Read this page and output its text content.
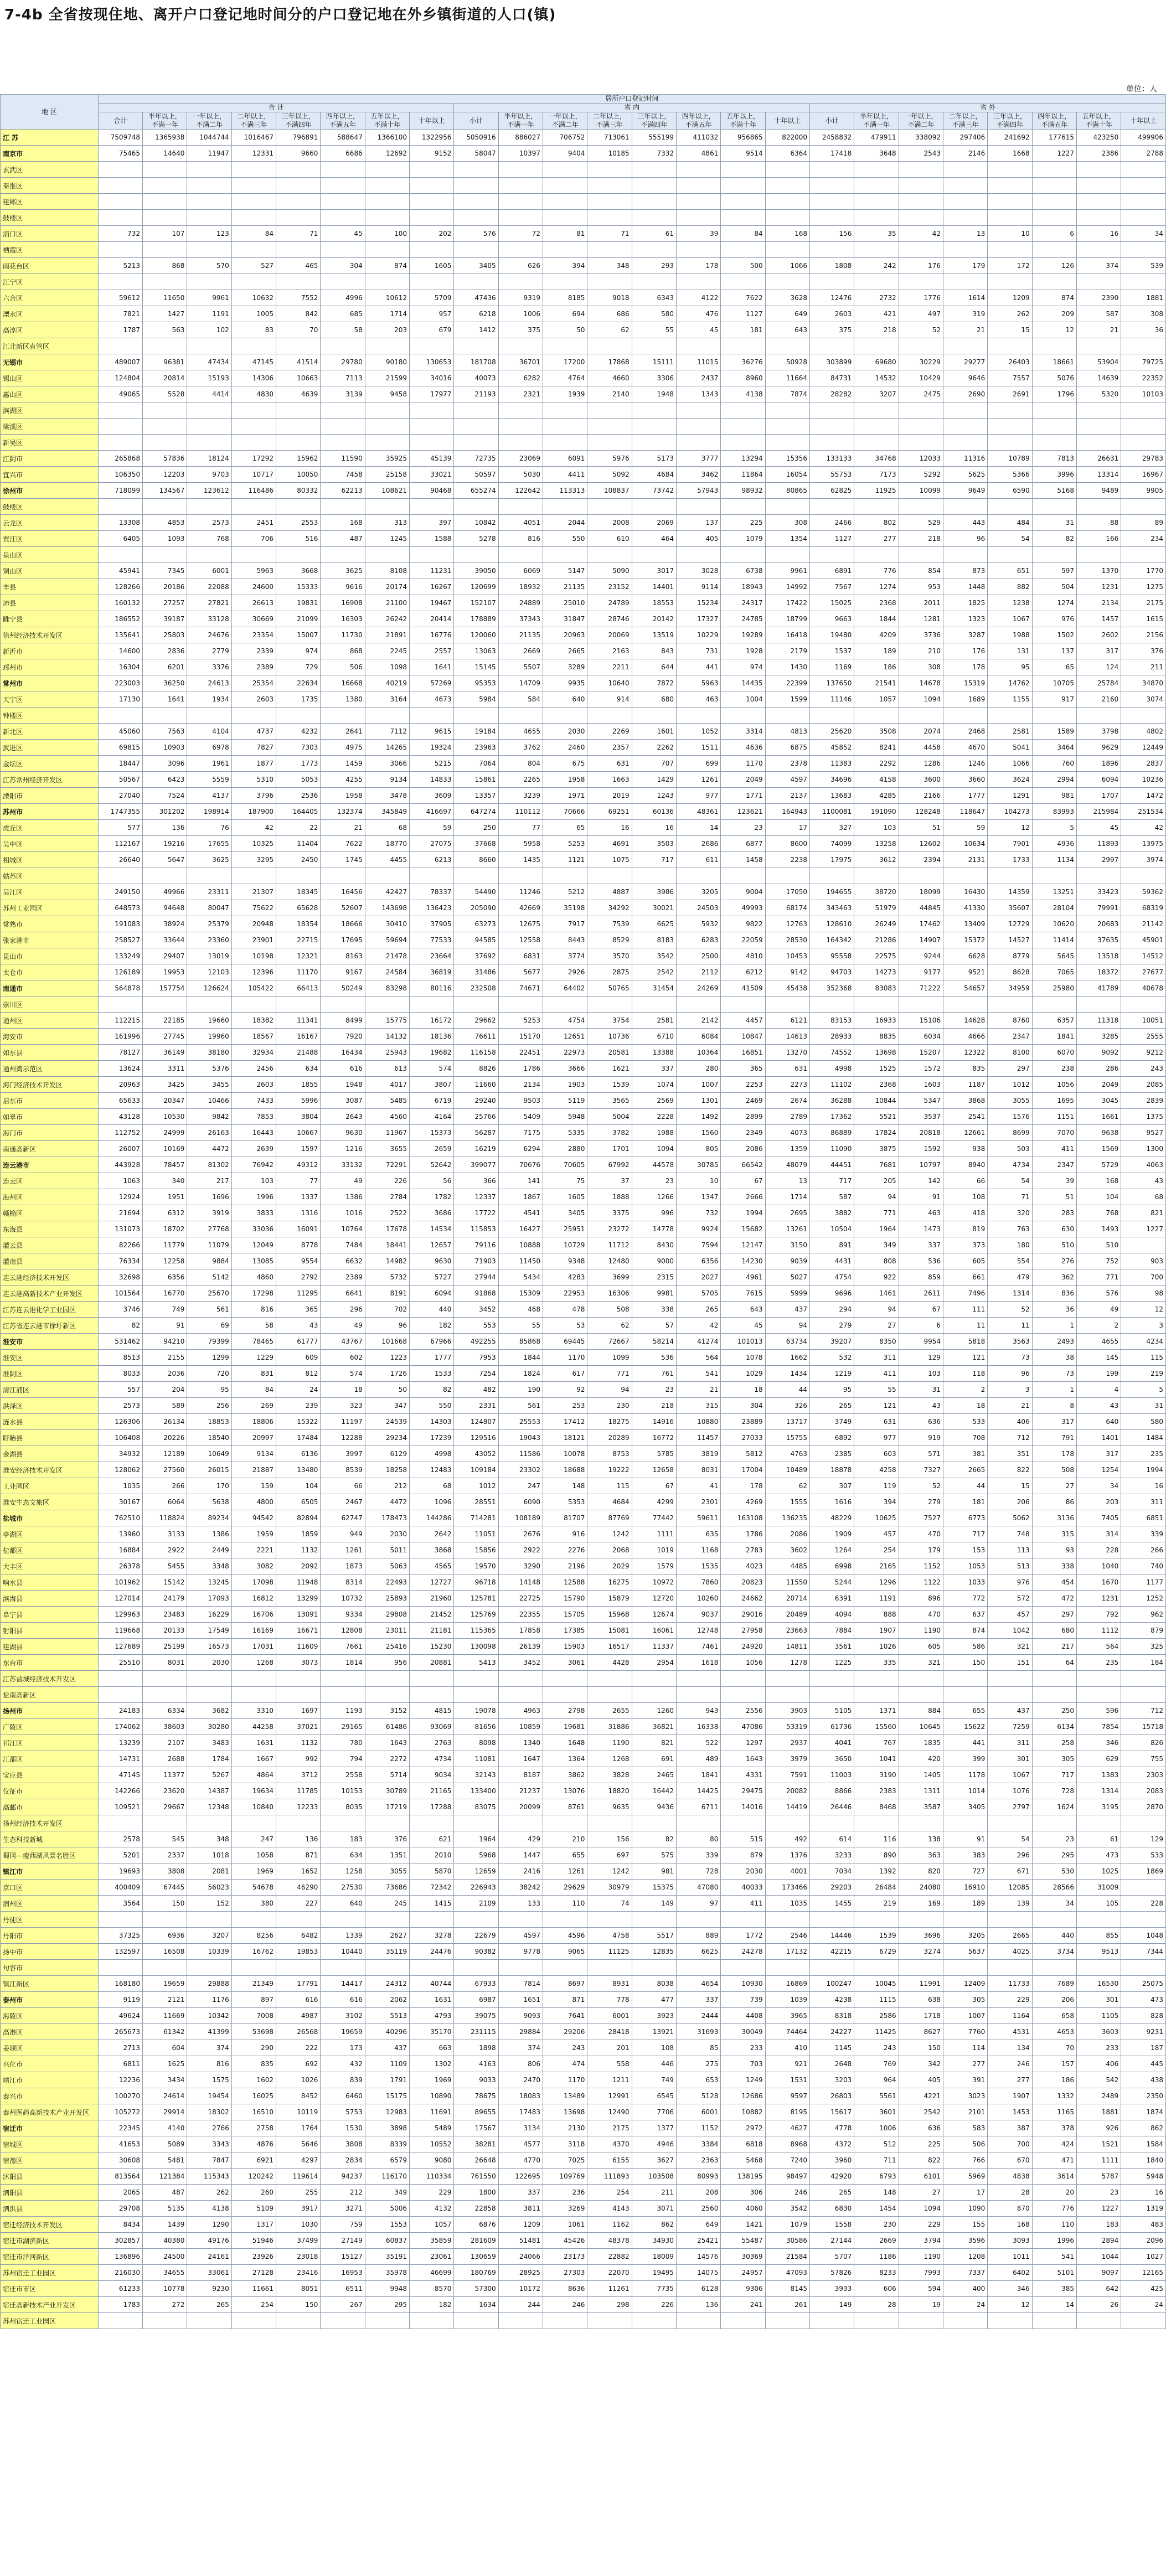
7-4b 全省按现住地、离开户口登记地时间分的户口登记地在外乡镇街道的人口(镇)
单位：人
地 区	居所户口登记时间																							
	合 计								省 内								省 外							
	合计	半年以上，不满一年	一年以上，不满二年	二年以上，不满三年	三年以上，不满四年	四年以上，不满五年	五年以上，不满十年	十年以上	小计	半年以上，不满一年	一年以上，不满二年	二年以上，不满三年	三年以上，不满四年	四年以上，不满五年	五年以上，不满十年	十年以上	小计	半年以上，不满一年	一年以上，不满二年	二年以上，不满三年	三年以上，不满四年	四年以上，不满五年	五年以上，不满十年	十年以上
江 苏	7509748	1365938	1044744	1016467	796891	588647	1366100	1322956	5050916	886027	706752	713061	555199	411032	956865	822000	2458832	479911	338092	297406	241692	177615	423250	499906
南京市	75465	14640	11947	12331	9660	6686	12692	9152	58047	10397	9404	10185	7332	4861	9514	6364	17418	3648	2543	2146	1668	1227	2386	2788
玄武区																								
秦淮区																								
建邺区																								
鼓楼区																								
浦口区	732	107	123	84	71	45	100	202	576	72	81	71	61	39	84	168	156	35	42	13	10	6	16	34
栖霞区																								
雨花台区	5213	868	570	527	465	304	874	1605	3405	626	394	348	293	178	500	1066	1808	242	176	179	172	126	374	539
江宁区																								
六合区	59612	11650	9961	10632	7552	4996	10612	5709	47436	9319	8185	9018	6343	4122	7622	3628	12476	2732	1776	1614	1209	874	2390	1881
溧水区	7821	1427	1191	1005	842	685	1714	957	6218	1006	694	686	580	476	1127	649	2603	421	497	319	262	209	587	308
高淳区	1787	563	102	83	70	58	203	679	1412	375	50	62	55	45	181	643	375	218	52	21	15	12	21	36
江北新区直管区																								
无锡市	489007	96381	47434	47145	41514	29780	90180	130653	181708	36701	17200	17868	15111	11015	36276	50928	303899	69680	30229	29277	26403	18661	53904	79725
锡山区	124804	20814	15193	14306	10663	7113	21599	34016	40073	6282	4764	4660	3306	2437	8960	11664	84731	14532	10429	9646	7557	5076	14639	22352
惠山区	49065	5528	4414	4830	4639	3139	9458	17977	21193	2321	1939	2140	1948	1343	4138	7874	28282	3207	2475	2690	2691	1796	5320	10103
滨湖区																								
梁溪区																								
新吴区																								
江阴市	265868	57836	18124	17292	15962	11590	35925	45139	72735	23069	6091	5976	5173	3777	13294	15356	133133	34768	12033	11316	10789	7813	26631	29783
宜兴市	106350	12203	9703	10717	10050	7458	25158	33021	50597	5030	4411	5092	4684	3462	11864	16054	55753	7173	5292	5625	5366	3996	13314	16967
徐州市	718099	134567	123612	116486	80332	62213	108621	90468	655274	122642	113313	108837	73742	57943	98932	80865	62825	11925	10099	9649	6590	5168	9489	9905
鼓楼区																								
云龙区	13308	4853	2573	2451	2553	168	313	397	10842	4051	2044	2008	2069	137	225	308	2466	802	529	443	484	31	88	89
贾汪区	6405	1093	768	706	516	487	1245	1588	5278	816	550	610	464	405	1079	1354	1127	277	218	96	54	82	166	234
泉山区																								
铜山区	45941	7345	6001	5963	3668	3625	8108	11231	39050	6069	5147	5090	3017	3028	6738	9961	6891	776	854	873	651	597	1370	1770
丰县	128266	20186	22088	24600	15333	9616	20174	16267	120699	18932	21135	23152	14401	9114	18943	14992	7567	1274	953	1448	882	504	1231	1275
沛县	160132	27257	27821	26613	19831	16908	21100	19467	152107	24889	25010	24789	18553	15234	24317	17422	15025	2368	2011	1825	1238	1274	2134	2175
睢宁县	186552	39187	33128	30669	21099	16303	26242	20414	178889	37343	31847	28746	20142	17327	24785	18799	9663	1844	1281	1323	1067	976	1457	1615
徐州经济技术开发区	135641	25803	24676	23354	15007	11730	21891	16776	120060	21135	20963	20069	13519	10229	19289	16418	19480	4209	3736	3287	1988	1502	2602	2156
新沂市	14600	2836	2779	2339	974	868	2245	2557	13063	2669	2665	2163	843	731	1928	2179	1537	189	210	176	131	137	317	376
邳州市	16304	6201	3376	2389	729	506	1098	1641	15145	5507	3289	2211	644	441	974	1430	1169	186	308	178	95	65	124	211
常州市	223003	36250	24613	25354	22634	16668	40219	57269	95353	14709	9935	10640	7872	5963	14435	22399	137650	21541	14678	15319	14762	10705	25784	34870
天宁区	17130	1641	1934	2603	1735	1380	3164	4673	5984	584	640	914	680	463	1004	1599	11146	1057	1094	1689	1155	917	2160	3074
钟楼区																								
新北区	45060	7563	4104	4737	4232	2641	7112	9615	19184	4655	2030	2269	1601	1052	3314	4813	25620	3508	2074	2468	2581	1589	3798	4802
武进区	69815	10903	6978	7827	7303	4975	14265	19324	23963	3762	2460	2357	2262	1511	4636	6875	45852	8241	4458	4670	5041	3464	9629	12449
金坛区	18447	3096	1961	1877	1773	1459	3066	5215	7064	804	675	631	707	699	1170	2378	11383	2292	1286	1246	1066	760	1896	2837
江苏常州经济开发区	50567	6423	5559	5310	5053	4255	9134	14833	15861	2265	1958	1663	1429	1261	2049	4597	34696	4158	3600	3660	3624	2994	6094	10236
溧阳市	27040	7524	4137	3796	2536	1958	3478	3609	13357	3239	1971	2019	1243	977	1771	2137	13683	4285	2166	1777	1291	981	1707	1472
苏州市	1747355	301202	198914	187900	164405	132374	345849	416697	647274	110112	70666	69251	60136	48361	123621	164943	1100081	191090	128248	118647	104273	83993	215984	251534
虎丘区	577	136	76	42	22	21	68	59	250	77	65	16	16	14	23	17	327	103	51	59	12	5	45	42
吴中区	112167	19216	17655	10325	11404	7622	18770	27075	37668	5958	5253	4691	3503	2686	6877	8600	74099	13258	12602	10634	7901	4936	11893	13975
相城区	26640	5647	3625	3295	2450	1745	4455	6213	8660	1435	1121	1075	717	611	1458	2238	17975	3612	2394	2131	1733	1134	2997	3974
姑苏区																								
吴江区	249150	49966	23311	21307	18345	16456	42427	78337	54490	11246	5212	4887	3986	3205	9004	17050	194655	38720	18099	16430	14359	13251	33423	59362
苏州工业园区	648573	94648	80047	75622	65628	52607	143698	136423	205090	42669	35198	34292	30021	24503	49993	68174	343463	51979	44845	41330	35607	28104	79991	68319
常熟市	191083	38924	25379	20948	18354	18666	30410	37905	63273	12675	7917	7539	6625	5932	9822	12763	128610	26249	17462	13409	12729	10620	20683	21142
张家港市	258527	33644	23360	23901	22715	17695	59694	77533	94585	12558	8443	8529	8183	6283	22059	28530	164342	21286	14907	15372	14527	11414	37635	45901
昆山市	133249	29407	13019	10198	12321	8163	21478	23664	37692	6831	3774	3570	3542	2500	4810	10453	95558	22575	9244	6628	8779	5645	13518	14512
太仓市	126189	19953	12103	12396	11170	9167	24584	36819	31486	5677	2926	2875	2542	2112	6212	9142	94703	14273	9177	9521	8628	7065	18372	27677
南通市	564878	157754	126624	105422	66413	50249	83298	80116	232508	74671	64402	50765	31454	24269	41509	45438	352368	83083	71222	54657	34959	25980	41789	40678
崇川区																								
通州区	112215	22185	19660	18382	11341	8499	15775	16172	29662	5253	4754	3754	2581	2142	4457	6121	83153	16933	15106	14628	8760	6357	11318	10051
海安市	161996	27745	19960	18567	16167	7920	14132	18136	76611	15170	12651	10736	6710	6084	10847	14613	28933	8835	6034	4666	2347	1841	3285	2555
如东县	78127	36149	38180	32934	21488	16434	25943	19682	116158	22451	22973	20581	13388	10364	16851	13270	74552	13698	15207	12322	8100	6070	9092	9212
通州湾示范区	13624	3311	5376	2456	634	616	613	574	8826	1786	3666	1621	337	280	365	631	4998	1525	1572	835	297	238	286	243
海门经济技术开发区	20963	3425	3455	2603	1855	1948	4017	3807	11660	2134	1903	1539	1074	1007	2253	2273	11102	2368	1603	1187	1012	1056	2049	2085
启东市	65633	20347	10466	7433	5996	3087	5485	6719	29240	9503	5119	3565	2569	1301	2469	2674	36288	10844	5347	3868	3055	1695	3045	2839
如皋市	43128	10530	9842	7853	3804	2643	4560	4164	25766	5409	5948	5004	2228	1492	2899	2789	17362	5521	3537	2541	1576	1151	1661	1375
海门市	112752	24999	26163	16443	10667	9630	11967	15373	56287	7175	5335	3782	1988	1560	2349	4073	86889	17824	20818	12661	8699	7070	9638	9527
南通高新区	26007	10169	4472	2639	1597	1216	3655	2659	16219	6294	2880	1701	1094	805	2086	1359	11090	3875	1592	938	503	411	1569	1300
连云港市	443928	78457	81302	76942	49312	33132	72291	52642	399077	70676	70605	67992	44578	30785	66542	48079	44451	7681	10797	8940	4734	2347	5729	4063
连云区	1063	340	217	103	77	49	226	56	366	141	75	37	23	10	67	13	717	205	142	66	54	39	168	43
海州区	12924	1951	1696	1996	1337	1386	2784	1782	12337	1867	1605	1888	1266	1347	2666	1714	587	94	91	108	71	51	104	68
赣榆区	21694	6312	3919	3833	1316	1016	2522	3686	17722	4541	3405	3375	996	732	1994	2695	3882	771	463	418	320	283	768	821
东海县	131073	18702	27768	33036	16091	10764	17678	14534	115853	16427	25951	23272	14778	9924	15682	13261	10504	1964	1473	819	763	630	1493	1227
灌云县	82266	11779	11079	12049	8778	7484	18441	12657	79116	10888	10729	11712	8430	7594	12147	3150	891	349	337	373	180	510	510	
灌南县	76334	12258	9884	13085	9554	6632	14982	9630	71903	11450	9348	12480	9000	6356	14230	9039	4431	808	536	605	554	276	752	903
连云港经济技术开发区	32698	6356	5142	4860	2792	2389	5732	5727	27944	5434	4283	3699	2315	2027	4961	5027	4754	922	859	661	479	362	771	700
连云港高新技术产业开发区	101564	16770	25670	17298	11295	6641	8191	6094	91868	15309	22953	16306	9981	5705	7615	5999	9696	1461	2611	7496	1314	836	576	98
江苏连云港化学工业园区	3746	749	561	816	365	296	702	440	3452	468	478	508	338	265	643	437	294	94	67	111	52	36	49	12
江苏省连云港市徐圩新区	82	91	69	58	43	49	96	182	553	55	53	62	57	42	45	94	279	27	6	11	11	1	2	3
淮安市	531462	94210	79399	78465	61777	43767	101668	67966	492255	85868	69445	72667	58214	41274	101013	63734	39207	8350	9954	5818	3563	2493	4655	4234
淮安区	8513	2155	1299	1229	609	602	1223	1777	7953	1844	1170	1099	536	564	1078	1662	532	311	129	121	73	38	145	115
淮阴区	8033	2036	720	831	812	574	1726	1533	7254	1824	617	771	761	541	1029	1434	1219	411	103	118	96	73	199	219
清江浦区	557	204	95	84	24	18	50	82	482	190	92	94	23	21	18	44	95	55	31	2	3	1	4	5
洪泽区	2573	589	256	269	239	323	347	550	2331	561	253	230	218	315	304	326	265	121	43	18	21	8	43	31
涟水县	126306	26134	18853	18806	15322	11197	24539	14303	124807	25553	17412	18275	14916	10880	23889	13717	3749	631	636	533	406	317	640	580
盱眙县	106408	20226	18540	20997	17484	12288	29234	17239	129516	19043	18121	20289	16772	11457	27033	15755	6892	977	919	708	712	791	1401	1484
金湖县	34932	12189	10649	9134	6136	3997	6129	4998	43052	11586	10078	8753	5785	3819	5812	4763	2385	603	571	381	351	178	317	235
淮安经济技术开发区	128062	27560	26015	21887	13480	8539	18258	12483	109184	23302	18688	19222	12658	8031	17004	10489	18878	4258	7327	2665	822	508	1254	1994
工业园区	1035	266	170	159	104	66	212	68	1012	247	148	115	67	41	178	62	307	119	52	44	15	27	34	16
淮安生态文旅区	30167	6064	5638	4800	6505	2467	4472	1096	28551	6090	5353	4684	4299	2301	4269	1555	1616	394	279	181	206	86	203	311
盐城市	762510	118824	89234	94542	82894	62747	178473	144286	714281	108189	81707	87769	77442	59611	163108	136235	48229	10625	7527	6773	5062	3136	7405	6851
亭湖区	13960	3133	1386	1959	1859	949	2030	2642	11051	2676	916	1242	1111	635	1786	2086	1909	457	470	717	748	315	314	339
盐都区	16884	2922	2449	2221	1132	1261	5011	3868	15856	2922	2276	2068	1019	1168	2783	3602	1264	254	179	153	113	93	228	266
大丰区	26378	5455	3348	3082	2092	1873	5063	4565	19570	3290	2196	2029	1579	1535	4023	4485	6998	2165	1152	1053	513	338	1040	740
响水县	101962	15142	13245	17098	11948	8314	22493	12727	96718	14148	12588	16275	10972	7860	20823	11550	5244	1296	1122	1033	976	454	1670	1177
滨海县	127014	24179	17093	16812	13299	10732	25893	21960	125781	22725	15790	15879	12720	10260	24662	20714	6391	1191	896	772	572	472	1231	1252
阜宁县	129963	23483	16229	16706	13091	9334	29808	21452	125769	22355	15705	15968	12674	9037	29016	20489	4094	888	470	637	457	297	792	962
射阳县	119668	20133	17549	16169	16671	12808	23011	21181	115365	17858	17385	15081	16061	12748	27958	23663	7884	1907	1190	874	1042	680	1112	879
建湖县	127689	25199	16573	17031	11609	7661	25416	15230	130098	26139	15903	16517	11337	7461	24920	14811	3561	1026	605	586	321	217	564	325
东台市	25510	8031	2030	1268	3073	1814	956	20881	5413	3452	3061	4428	2954	1618	1056	1278	1225	335	321	150	151	64	235	184
江苏盐城经济技术开发区																								
盐南高新区																								
扬州市	24183	6334	3682	3310	1697	1193	3152	4815	19078	4963	2798	2655	1260	943	2556	3903	5105	1371	884	655	437	250	596	712
广陵区	174062	38603	30280	44258	37021	29165	61486	93069	81656	10859	19681	31886	36821	16338	47086	53319	61736	15560	10645	15622	7259	6134	7854	15718
邗江区	13239	2107	3483	1631	1132	780	1643	2763	8098	1340	1648	1190	821	522	1297	2937	4041	767	1835	441	311	258	346	826
江都区	14731	2688	1784	1667	992	794	2272	4734	11081	1647	1364	1268	691	489	1643	3979	3650	1041	420	399	301	305	629	755
宝应县	47145	11377	5267	4864	3712	2558	5714	9034	32143	8187	3862	3828	2465	1841	4331	7591	11003	3190	1405	1178	1067	717	1383	2303
仪征市	142266	23620	14387	19634	11785	10153	30789	21165	133400	21237	13076	18820	16442	14425	29475	20082	8866	2383	1311	1014	1076	728	1314	2083
高邮市	109521	29667	12348	10840	12233	8035	17219	17288	83075	20099	8761	9635	9436	6711	14016	14419	26446	8468	3587	3405	2797	1624	3195	2870
扬州经济技术开发区																								
生态科技新城	2578	545	348	247	136	183	376	621	1964	429	210	156	82	80	515	492	614	116	138	91	54	23	61	129
蜀冈—瘦西湖风景名胜区	5201	2337	1018	1058	871	634	1351	2010	5968	1447	655	697	575	339	879	1376	3233	890	363	383	296	295	473	533
镇江市	19693	3808	2081	1969	1652	1258	3055	5870	12659	2416	1261	1242	981	728	2030	4001	7034	1392	820	727	671	530	1025	1869
京口区	400409	67445	56023	54678	46290	27530	73686	72342	226943	38242	29629	30979	15375	47080	40033	173466	29203	26484	24080	16910	12085	28566	31009	
润州区	3564	150	152	380	227	640	245	1415	2109	133	110	74	149	97	411	1035	1455	219	169	189	139	34	105	228
丹徒区																								
丹阳市	37325	6936	3207	8256	6482	1339	2627	3278	22679	4597	4596	4758	5517	889	1772	2546	14446	1539	3696	3205	2665	440	855	1048
扬中市	132597	16508	10339	16762	19853	10440	35119	24476	90382	9778	9065	11125	12835	6625	24278	17132	42215	6729	3274	5637	4025	3734	9513	7344
句容市																								
镇江新区	168180	19659	29888	21349	17791	14417	24312	40744	67933	7814	8697	8931	8038	4654	10930	16869	100247	10045	11991	12409	11733	7689	16530	25075
泰州市	9119	2121	1176	897	616	616	2062	1631	6987	1651	871	778	477	337	739	1039	4238	1115	638	305	229	206	301	473
海陵区	49624	11669	10342	7008	4987	3102	5513	4793	39075	9093	7641	6001	3923	2444	4408	3965	8318	2586	1718	1007	1164	658	1105	828
高港区	265673	61342	41399	53698	26568	19659	40296	35170	231115	29884	29206	28418	13921	31693	30049	74464	24227	11425	8627	7760	4531	4653	3603	9231
姜堰区	2713	604	374	290	222	173	437	663	1898	374	243	201	108	85	233	410	1145	243	150	114	134	70	233	187
兴化市	6811	1625	816	835	692	432	1109	1302	4163	806	474	558	446	275	703	921	2648	769	342	277	246	157	406	445
靖江市	12236	3434	1575	1602	1026	839	1791	1969	9033	2470	1170	1211	749	653	1249	1531	3203	964	405	391	277	186	542	438
泰兴市	100270	24614	19454	16025	8452	6460	15175	10890	78675	18083	13489	12991	6545	5128	12686	9597	26803	5561	4221	3023	1907	1332	2489	2350
泰州医药高新技术产业开发区	105272	29914	18302	16510	10119	5753	12983	11691	89655	17483	13698	12490	7706	6001	10882	8195	15617	3601	2542	2101	1453	1165	1881	1874
宿迁市	22345	4140	2766	2758	1764	1530	3898	5489	17567	3134	2130	2175	1377	1152	2972	4627	4778	1006	636	583	387	378	926	862
宿城区	41653	5089	3343	4876	5646	3808	8339	10552	38281	4577	3118	4370	4946	3384	6818	8968	4372	512	225	506	700	424	1521	1584
宿豫区	30608	5481	7847	6921	4297	2834	6579	9080	26648	4770	7025	6155	3627	2363	5468	7240	3960	711	822	766	670	471	1111	1840
沭阳县	813564	121384	115343	120242	119614	94237	116170	110334	761550	122695	109769	111893	103508	80993	138195	98497	42920	6793	6101	5969	4838	3614	5787	5948
泗阳县	2065	487	262	260	255	212	349	229	1800	337	236	254	211	208	306	246	265	148	27	17	28	20	23	16
泗洪县	29708	5135	4138	5109	3917	3271	5006	4132	22858	3811	3269	4143	3071	2560	4060	3542	6830	1454	1094	1090	870	776	1227	1319
宿迁经济技术开发区	8434	1439	1290	1317	1030	759	1553	1057	6876	1209	1061	1162	862	649	1421	1079	1558	230	229	155	168	110	183	483
宿迁市湖滨新区	302857	40380	49176	51946	37499	27149	60837	35859	281609	51481	45426	48378	34930	25421	55487	30586	27144	2669	3794	3596	3093	1996	2894	2096
宿迁市洋河新区	136896	24500	24161	23926	23018	15127	35191	23061	130659	24066	23173	22882	18009	14576	30369	21584	5707	1186	1190	1208	1011	541	1044	1027
苏州宿迁工业园区	216030	34655	33061	27128	23416	16953	35978	46699	180769	28925	27303	22070	19495	14075	24957	47093	57826	8233	7993	7337	6402	5101	9097	12165
宿迁市市区	61233	10778	9230	11661	8051	6511	9948	8570	57300	10172	8636	11261	7735	6128	9306	8145	3933	606	594	400	346	385	642	425
宿迁高新技术产业开发区	1783	272	265	254	150	267	295	182	1634	244	246	298	226	136	241	261	149	28	19	24	12	14	26	24
苏州宿迁工业园区																								
